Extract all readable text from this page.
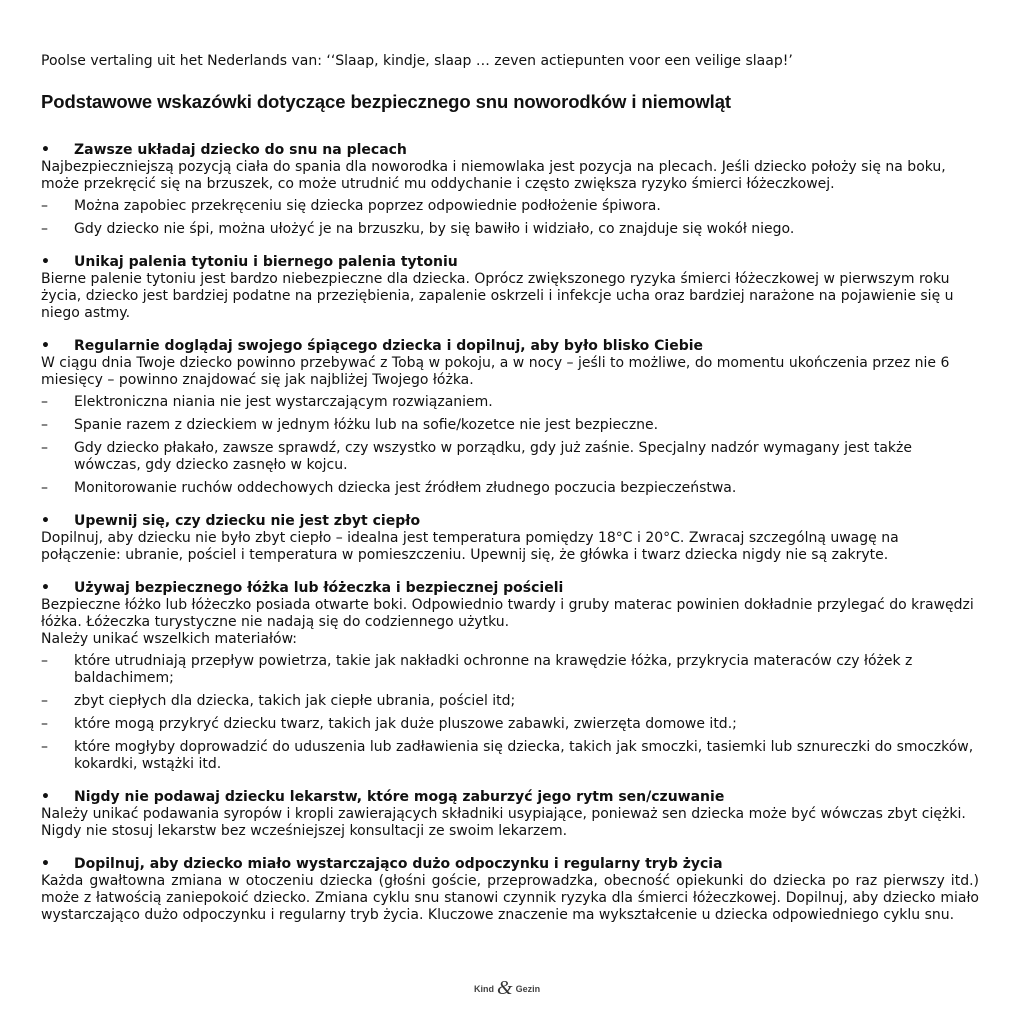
Poolse vertaling uit het Nederlands van: ‘‘Slaap, kindje, slaap … zeven actiepunten voor een veilige slaap!’

Podstawowe wskazówki dotyczące bezpiecznego snu noworodków i niemowląt
•	Zawsze układaj dziecko do snu na plecach

Najbezpieczniejszą pozycją ciała do spania dla noworodka i niemowlaka jest pozycja na plecach. Jeśli dziecko położy się na boku, może przekręcić się na brzuszek, co może utrudnić mu oddychanie i często zwiększa ryzyko śmierci łóżeczkowej.

–	Można zapobiec przekręceniu się dziecka poprzez odpowiednie podłożenie śpiwora.
–	Gdy dziecko nie śpi, można ułożyć je na brzuszku, by się bawiło i widziało, co znajduje się wokół niego.
•	Unikaj palenia tytoniu i biernego palenia tytoniu

Bierne palenie tytoniu jest bardzo niebezpieczne dla dziecka. Oprócz zwiększonego ryzyka śmierci łóżeczkowej w pierwszym roku życia, dziecko jest bardziej podatne na przeziębienia, zapalenie oskrzeli i infekcje ucha oraz bardziej narażone na pojawienie się u niego astmy.

•	Regularnie doglądaj swojego śpiącego dziecka i dopilnuj, aby było blisko Ciebie

W ciągu dnia Twoje dziecko powinno przebywać z Tobą w pokoju, a w nocy – jeśli to możliwe, do momentu ukończenia przez nie 6 miesięcy – powinno znajdować się jak najbliżej Twojego łóżka.

–	Elektroniczna niania nie jest wystarczającym rozwiązaniem.
–	Spanie razem z dzieckiem w jednym łóżku lub na sofie/kozetce nie jest bezpieczne.
–	Gdy dziecko płakało, zawsze sprawdź, czy wszystko w porządku, gdy już zaśnie. Specjalny nadzór wymagany jest także wówczas, gdy dziecko zasnęło w kojcu.
–	Monitorowanie ruchów oddechowych dziecka jest źródłem złudnego poczucia bezpieczeństwa.
•	Upewnij się, czy dziecku nie jest zbyt ciepło

Dopilnuj, aby dziecku nie było zbyt ciepło – idealna jest temperatura pomiędzy 18°C i 20°C. Zwracaj szczególną uwagę na połączenie: ubranie, pościel i temperatura w pomieszczeniu. Upewnij się, że główka i twarz dziecka nigdy nie są zakryte.

•	Używaj bezpiecznego łóżka lub łóżeczka i bezpiecznej pościeli

Bezpieczne łóżko lub łóżeczko posiada otwarte boki. Odpowiednio twardy i gruby materac powinien dokładnie przylegać do krawędzi łóżka. Łóżeczka turystyczne nie nadają się do codziennego użytku.

Należy unikać wszelkich materiałów:

–	które utrudniają przepływ powietrza, takie jak nakładki ochronne na krawędzie łóżka, przykrycia materaców czy łóżek z baldachimem;
–	zbyt ciepłych dla dziecka, takich jak ciepłe ubrania, pościel itd;
–	które mogą przykryć dziecku twarz, takich jak duże pluszowe zabawki, zwierzęta domowe itd.;
–	które mogłyby doprowadzić do uduszenia lub zadławienia się dziecka, takich jak smoczki, tasiemki lub sznureczki do smoczków, kokardki, wstążki itd.
•	Nigdy nie podawaj dziecku lekarstw, które mogą zaburzyć jego rytm sen/czuwanie

Należy unikać podawania syropów i kropli zawierających składniki usypiające, ponieważ sen dziecka może być wówczas zbyt ciężki. Nigdy nie stosuj lekarstw bez wcześniejszej konsultacji ze swoim lekarzem.

•	Dopilnuj, aby dziecko miało wystarczająco dużo odpoczynku i regularny tryb życia

Każda gwałtowna zmiana w otoczeniu dziecka (głośni goście, przeprowadzka, obecność opiekunki do dziecka po raz pierwszy itd.) może z łatwością zaniepokoić dziecko. Zmiana cyklu snu stanowi czynnik ryzyka dla śmierci łóżeczkowej. Dopilnuj, aby dziecko miało wystarczająco dużo odpoczynku i regularny tryb życia. Kluczowe znaczenie ma wykształcenie u dziecka odpowiedniego cyklu snu.

Kind & Gezin
